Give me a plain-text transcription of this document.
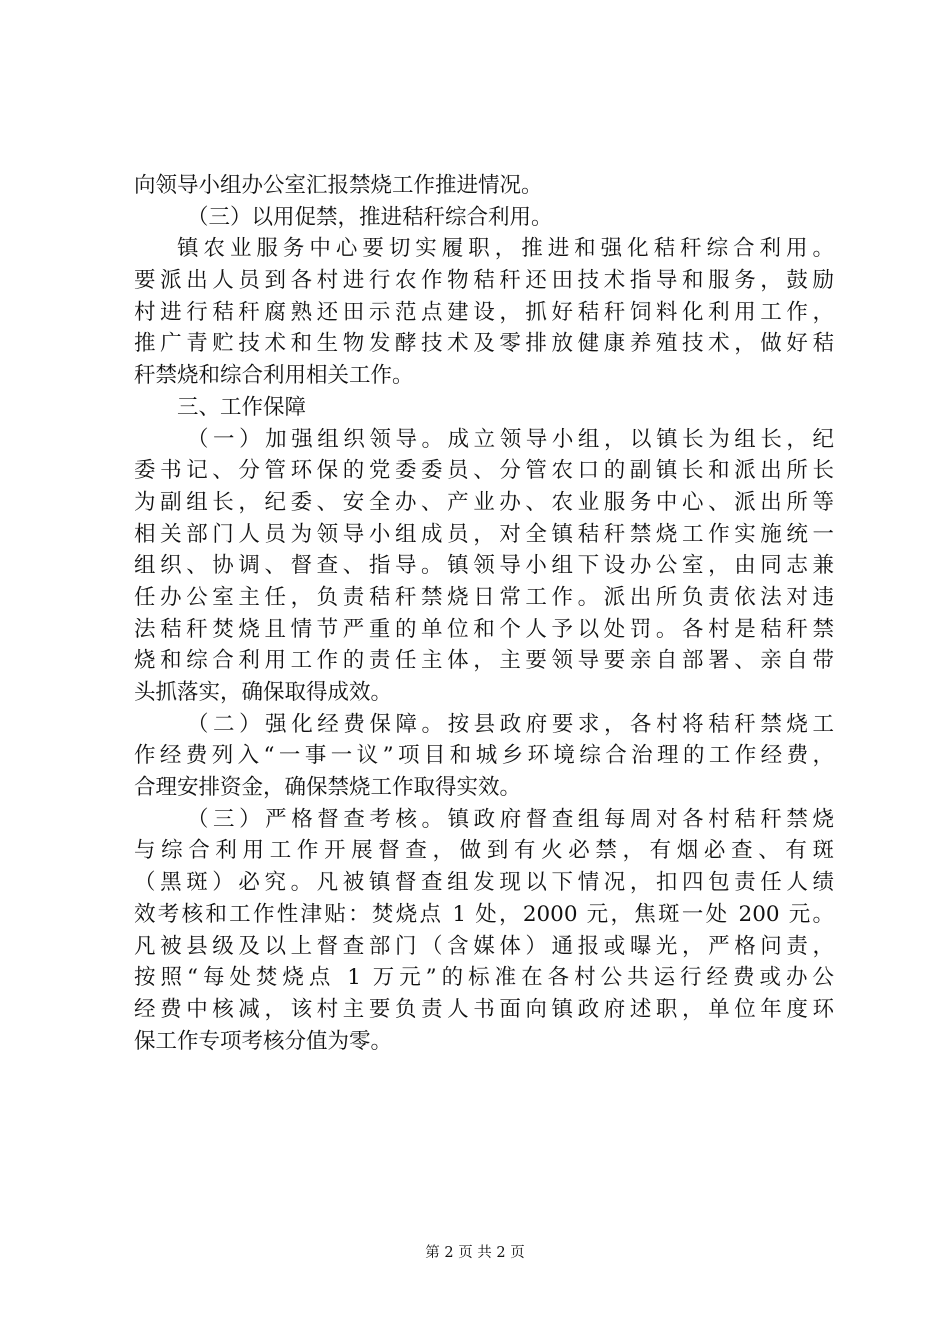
向领导小组办公室汇报禁烧工作推进情况。
（三）以用促禁，推进秸秆综合利用。
镇农业服务中心要切实履职，推进和强化秸秆综合利用。
要派出人员到各村进行农作物秸秆还田技术指导和服务，鼓励
村进行秸秆腐熟还田示范点建设，抓好秸秆饲料化利用工作，
推广青贮技术和生物发酵技术及零排放健康养殖技术，做好秸
秆禁烧和综合利用相关工作。
三、工作保障
（一）加强组织领导。成立领导小组，以镇长为组长，纪
委书记、分管环保的党委委员、分管农口的副镇长和派出所长
为副组长，纪委、安全办、产业办、农业服务中心、派出所等
相关部门人员为领导小组成员，对全镇秸秆禁烧工作实施统一
组织、协调、督查、指导。镇领导小组下设办公室，由同志兼
任办公室主任，负责秸秆禁烧日常工作。派出所负责依法对违
法秸秆焚烧且情节严重的单位和个人予以处罚。各村是秸秆禁
烧和综合利用工作的责任主体，主要领导要亲自部署、亲自带
头抓落实，确保取得成效。
（二）强化经费保障。按县政府要求，各村将秸秆禁烧工
作经费列入“一事一议”项目和城乡环境综合治理的工作经费，
合理安排资金，确保禁烧工作取得实效。
（三）严格督查考核。镇政府督查组每周对各村秸秆禁烧
与综合利用工作开展督查，做到有火必禁，有烟必查、有斑
（黑斑）必究。凡被镇督查组发现以下情况，扣四包责任人绩
效考核和工作性津贴：焚烧点 1 处，2000 元，焦斑一处 200 元。
凡被县级及以上督查部门（含媒体）通报或曝光，严格问责，
按照“每处焚烧点 1 万元”的标准在各村公共运行经费或办公
经费中核减，该村主要负责人书面向镇政府述职，单位年度环
保工作专项考核分值为零。
第 2 页 共 2 页
